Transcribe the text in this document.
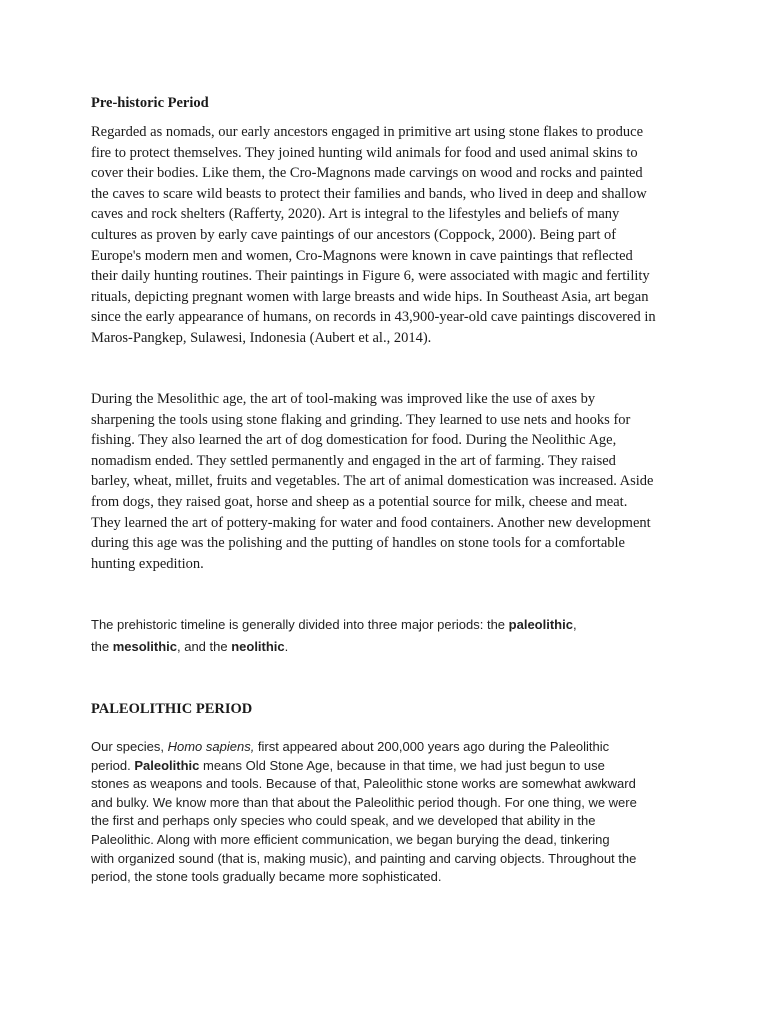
Pre-historic Period
Regarded as nomads, our early ancestors engaged in primitive art using stone flakes to produce
fire to protect themselves. They joined hunting wild animals for food and used animal skins to
cover their bodies. Like them, the Cro-Magnons made carvings on wood and rocks and painted
the caves to scare wild beasts to protect their families and bands, who lived in deep and shallow
caves and rock shelters (Rafferty, 2020). Art is integral to the lifestyles and beliefs of many
cultures as proven by early cave paintings of our ancestors (Coppock, 2000). Being part of
Europe's modern men and women, Cro-Magnons were known in cave paintings that reflected
their daily hunting routines. Their paintings in Figure 6, were associated with magic and fertility
rituals, depicting pregnant women with large breasts and wide hips. In Southeast Asia, art began
since the early appearance of humans, on records in 43,900-year-old cave paintings discovered in
Maros-Pangkep, Sulawesi, Indonesia (Aubert et al., 2014).
During the Mesolithic age, the art of tool-making was improved like the use of axes by
sharpening the tools using stone flaking and grinding. They learned to use nets and hooks for
fishing. They also learned the art of dog domestication for food. During the Neolithic Age,
nomadism ended. They settled permanently and engaged in the art of farming. They raised
barley, wheat, millet, fruits and vegetables. The art of animal domestication was increased. Aside
from dogs, they raised goat, horse and sheep as a potential source for milk, cheese and meat.
They learned the art of pottery-making for water and food containers. Another new development
during this age was the polishing and the putting of handles on stone tools for a comfortable
hunting expedition.
The prehistoric timeline is generally divided into three major periods: the paleolithic,
the mesolithic, and the neolithic.
PALEOLITHIC PERIOD
Our species, Homo sapiens, first appeared about 200,000 years ago during the Paleolithic
period. Paleolithic means Old Stone Age, because in that time, we had just begun to use
stones as weapons and tools. Because of that, Paleolithic stone works are somewhat awkward
and bulky. We know more than that about the Paleolithic period though. For one thing, we were
the first and perhaps only species who could speak, and we developed that ability in the
Paleolithic. Along with more efficient communication, we began burying the dead, tinkering
with organized sound (that is, making music), and painting and carving objects. Throughout the
period, the stone tools gradually became more sophisticated.
